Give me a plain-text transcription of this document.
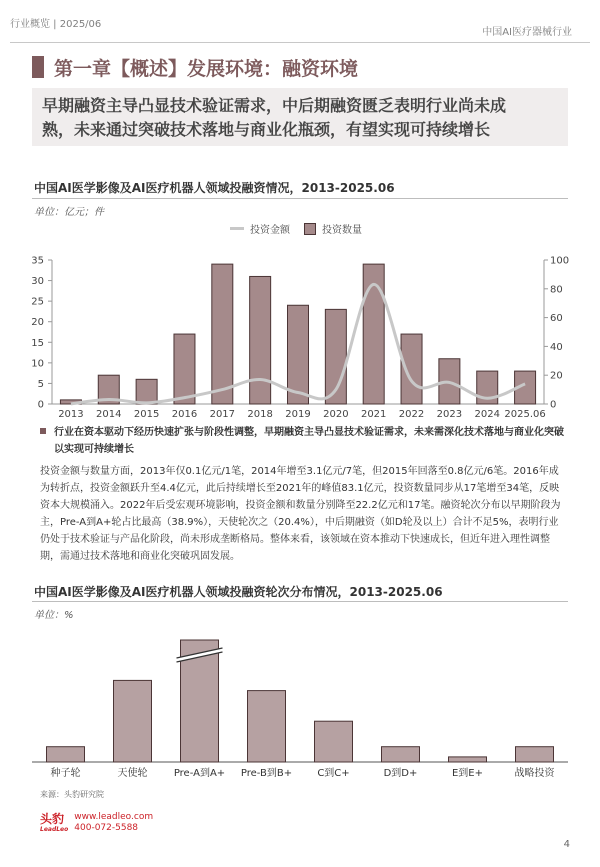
行业概览 | 2025/06
中国AI医疗器械行业
第一章【概述】发展环境：融资环境
早期融资主导凸显技术验证需求，中后期融资匮乏表明行业尚未成
熟，未来通过突破技术落地与商业化瓶颈，有望实现可持续增长
中国AI医学影像及AI医疗机器人领域投融资情况，2013-2025.06
单位：亿元；件
投资金额	投资数量
0
5
10
15
20
25
30
35
0
20
40
60
80
100
2013 2014 2015 2016 2017 2018 2019 2020 2021 2022 2023 2024 2025.06
行业在资本驱动下经历快速扩张与阶段性调整，早期融资主导凸显技术验证需求，未来需深化技术落地与商业化突破以实现可持续增长
投资金额与数量方面，2013年仅0.1亿元/1笔，2014年增至3.1亿元/7笔，但2015年回落至0.8亿元/6笔。2016年成为转折点，投资金额跃升至4.4亿元，此后持续增长至2021年的峰值83.1亿元，投资数量同步从17笔增至34笔，反映资本大规模涌入。2022年后受宏观环境影响，投资金额和数量分别降至22.2亿元和17笔。融资轮次分布以早期阶段为主，Pre-A到A+轮占比最高（38.9%），天使轮次之（20.4%），中后期融资（如D轮及以上）合计不足5%，表明行业仍处于技术验证与产品化阶段，尚未形成垄断格局。整体来看，该领域在资本推动下快速成长，但近年进入理性调整期，需通过技术落地和商业化突破巩固发展。
中国AI医学影像及AI医疗机器人领域投融资轮次分布情况，2013-2025.06
单位：%
种子轮	天使轮	Pre-A到A+ Pre-B到B+	C到C+	D到D+	E到E+	战略投资
来源：头豹研究院
头豹
LeadLeo
www.leadleo.com
400-072-5588
4
